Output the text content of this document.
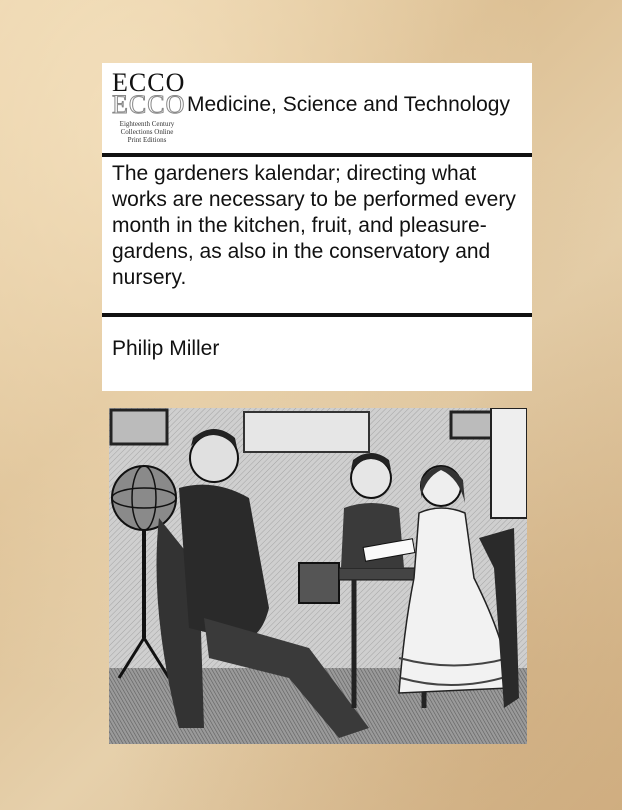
ECCO
ECCO
Eighteenth Century
Collections Online
Print Editions
Medicine, Science and Technology
The gardeners kalendar; directing what works are necessary to be performed every month in the kitchen, fruit, and pleasure-gardens, as also in the conservatory and nursery.
Philip Miller
